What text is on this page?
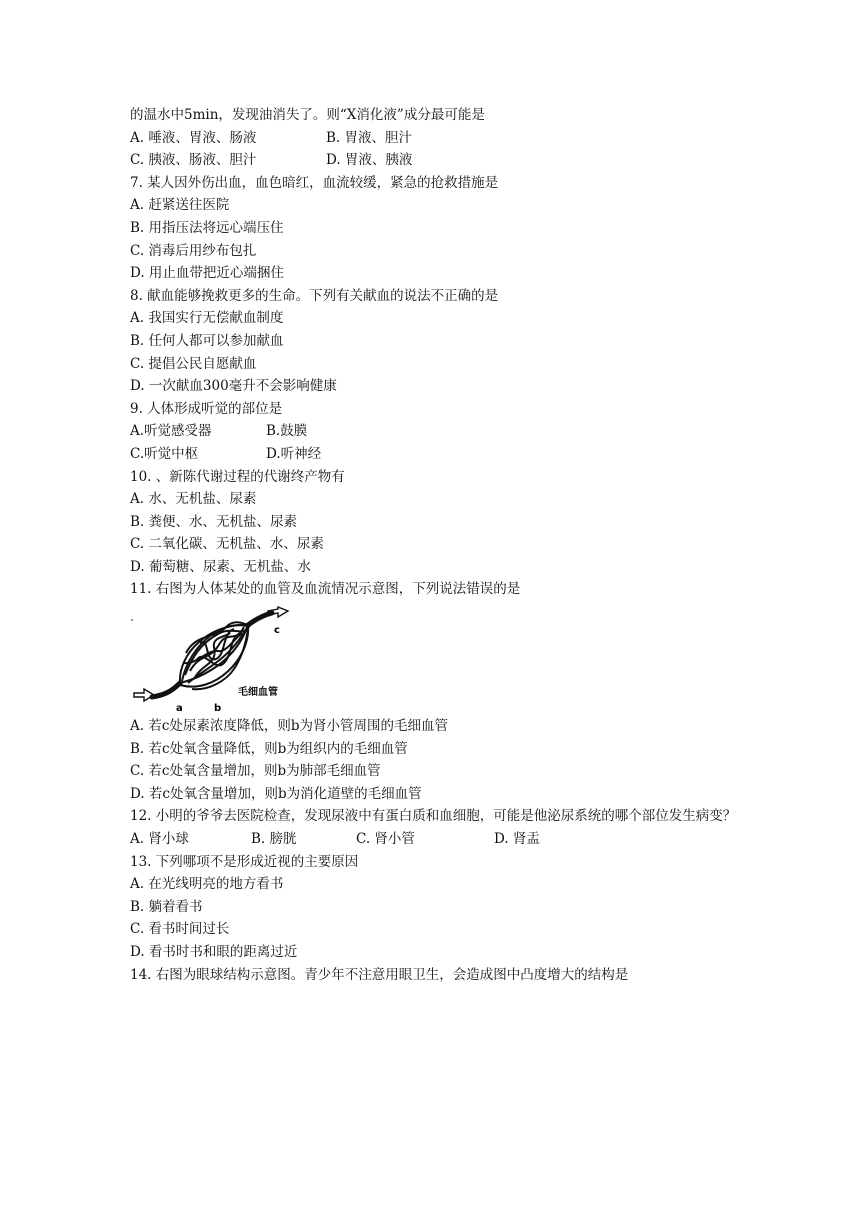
的温水中5min，发现油消失了。则“X消化液”成分最可能是
A. 唾液、胃液、肠液	B. 胃液、胆汁
C. 胰液、肠液、胆汁	D. 胃液、胰液
7. 某人因外伤出血，血色暗红，血流较缓，紧急的抢救措施是
A. 赶紧送往医院
B. 用指压法将远心端压住
C. 消毒后用纱布包扎
D. 用止血带把近心端捆住
8. 献血能够挽救更多的生命。下列有关献血的说法不正确的是
A. 我国实行无偿献血制度
B. 任何人都可以参加献血
C. 提倡公民自愿献血
D. 一次献血300毫升不会影响健康
9. 人体形成听觉的部位是
A.听觉感受器	B.鼓膜
C.听觉中枢	D.听神经
10. 、新陈代谢过程的代谢终产物有
A. 水、无机盐、尿素
B. 粪便、水、无机盐、尿素
C. 二氧化碳、无机盐、水、尿素
D. 葡萄糖、尿素、无机盐、水
11. 右图为人体某处的血管及血流情况示意图，下列说法错误的是
a	b
c
毛细血管
A. 若c处尿素浓度降低，则b为肾小管周围的毛细血管
B. 若c处氧含量降低，则b为组织内的毛细血管
C. 若c处氧含量增加，则b为肺部毛细血管
D. 若c处氧含量增加，则b为消化道壁的毛细血管
12. 小明的爷爷去医院检查，发现尿液中有蛋白质和血细胞，可能是他泌尿系统的哪个部位发生病变？
A. 肾小球	B. 膀胱	C. 肾小管	D. 肾盂
13. 下列哪项不是形成近视的主要原因
A. 在光线明亮的地方看书
B. 躺着看书
C. 看书时间过长
D. 看书时书和眼的距离过近
14. 右图为眼球结构示意图。青少年不注意用眼卫生，会造成图中凸度增大的结构是
